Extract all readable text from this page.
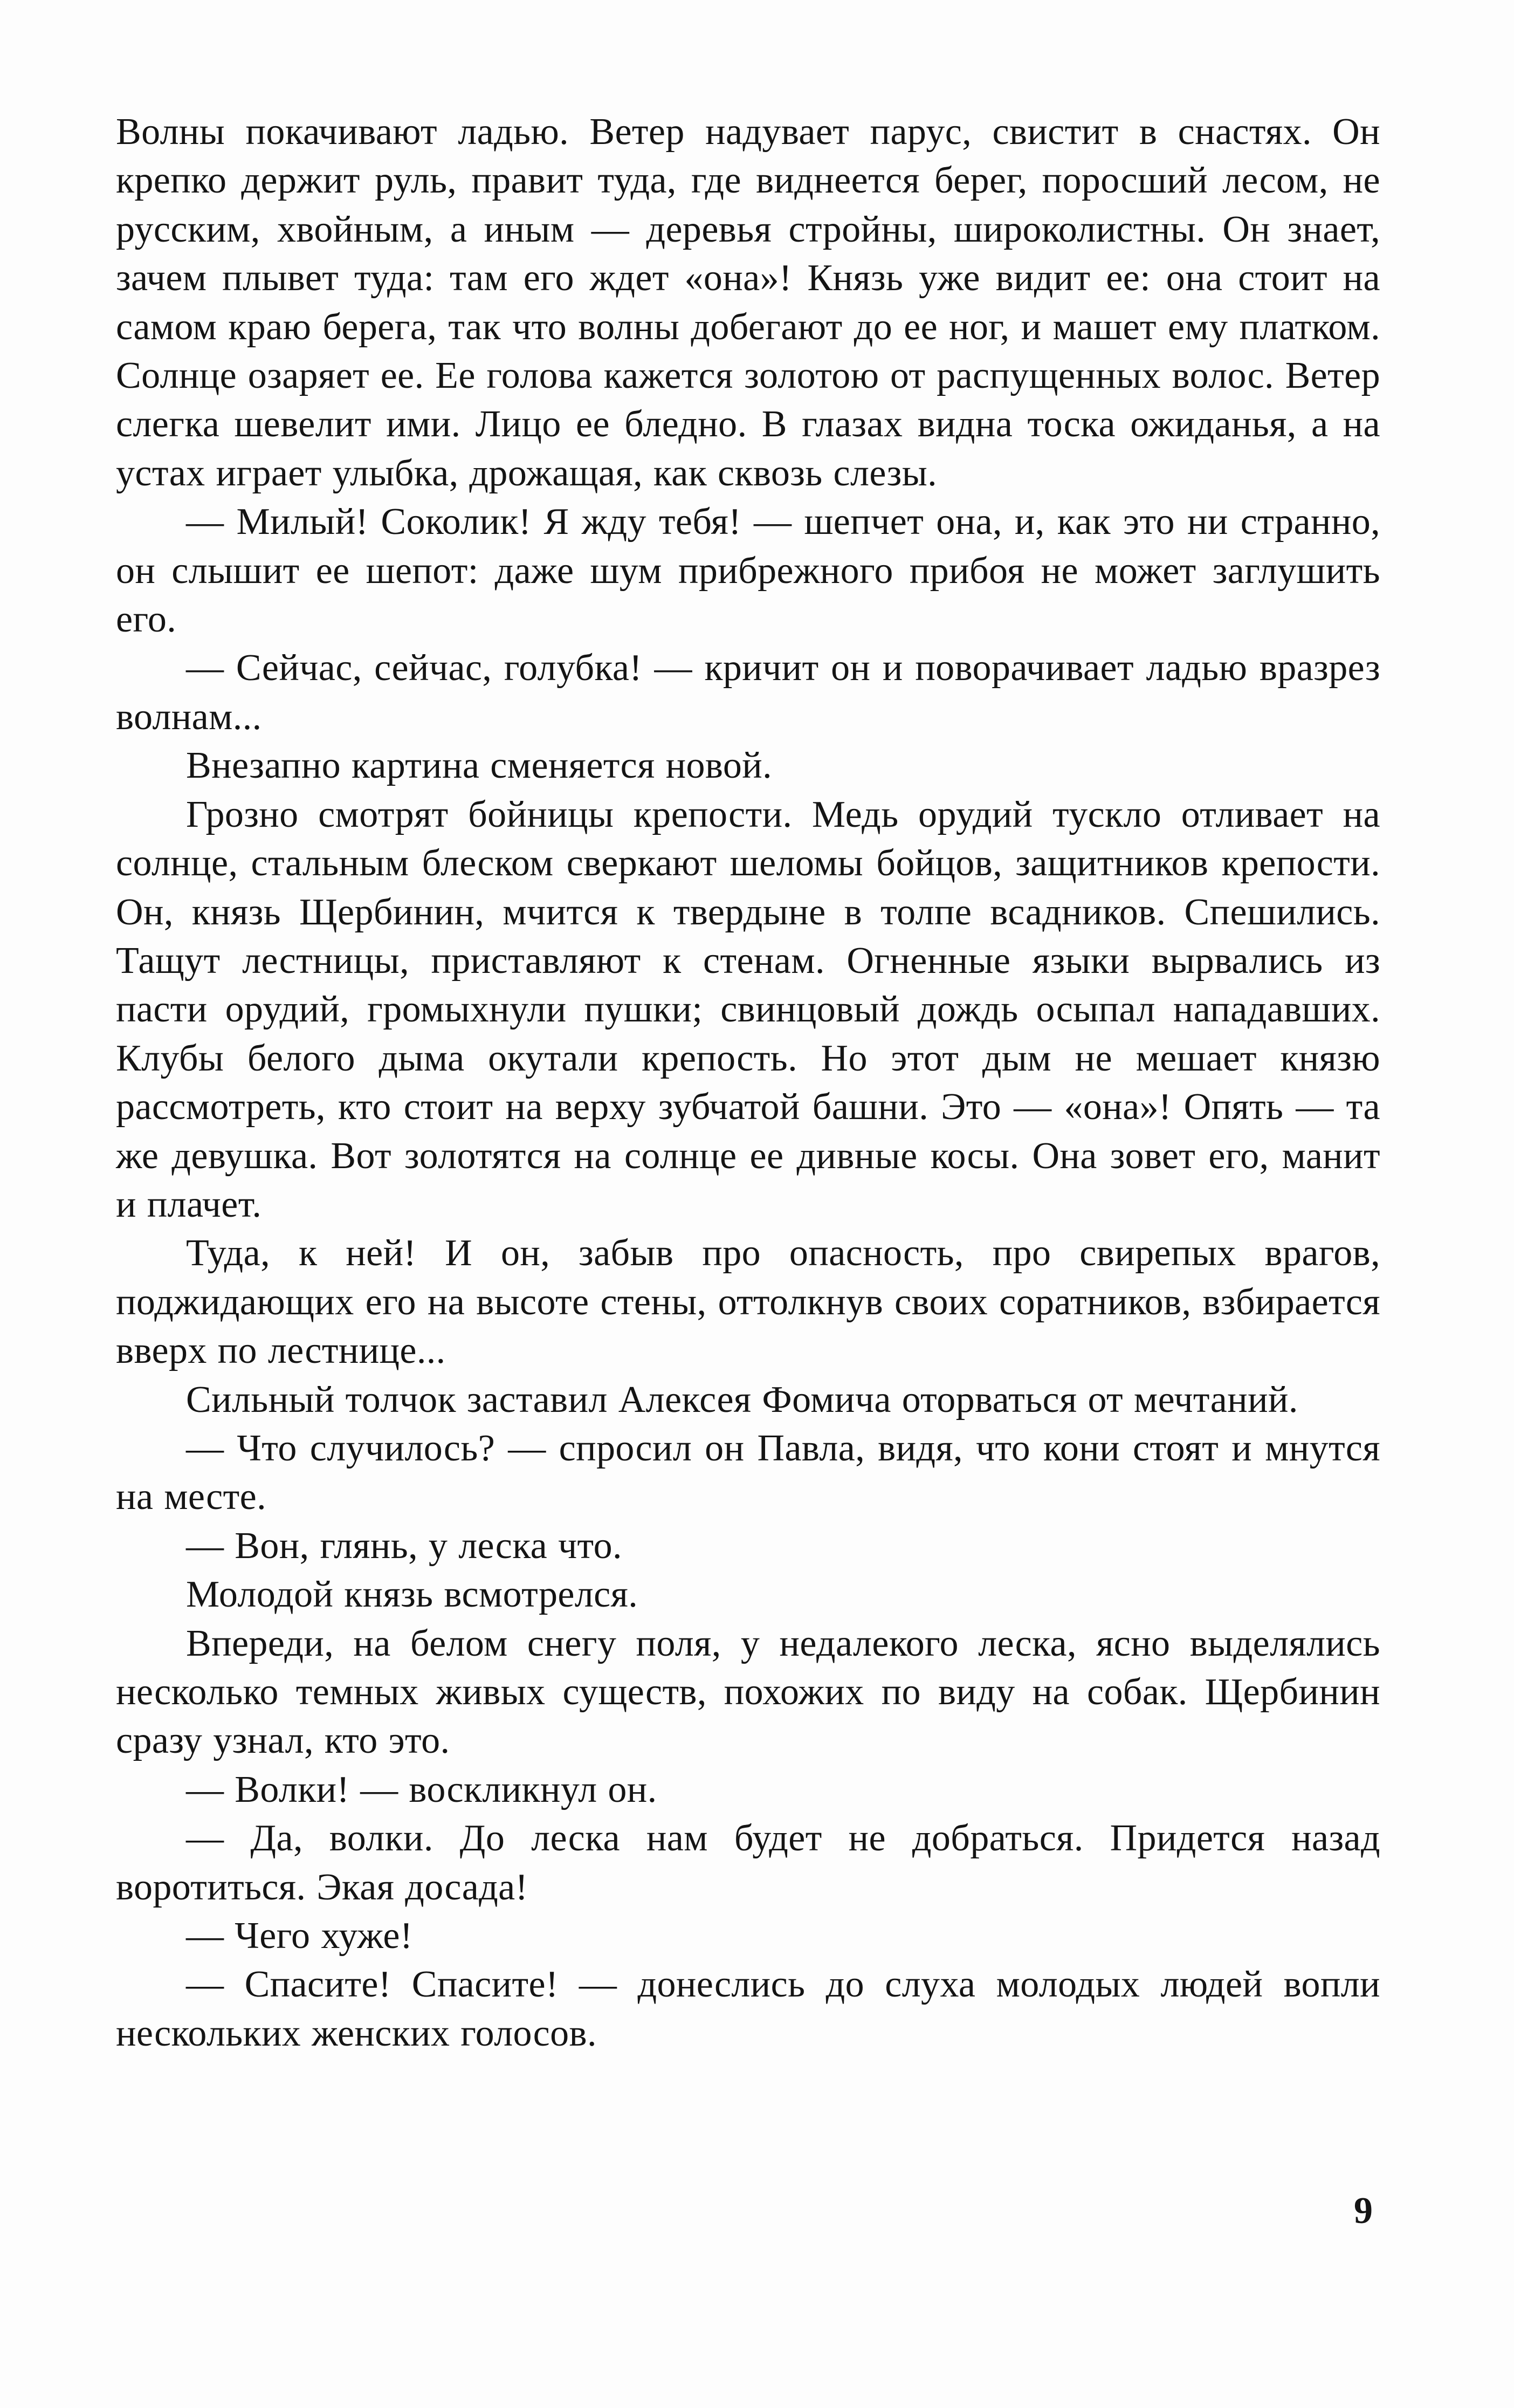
Волны покачивают ладью. Ветер надувает парус, свистит в снастях. Он крепко держит руль, правит туда, где виднеется берег, поросший лесом, не русским, хвойным, а иным — деревья стройны, широколистны. Он знает, зачем плывет туда: там его ждет «она»! Князь уже видит ее: она стоит на самом краю берега, так что волны добегают до ее ног, и машет ему платком. Солнце озаряет ее. Ее голова кажется золотою от распущенных волос. Ветер слегка шевелит ими. Лицо ее бледно. В глазах видна тоска ожиданья, а на устах играет улыбка, дрожащая, как сквозь слезы.

— Милый! Соколик! Я жду тебя! — шепчет она, и, как это ни странно, он слышит ее шепот: даже шум прибрежного прибоя не может заглушить его.

— Сейчас, сейчас, голубка! — кричит он и поворачивает ладью вразрез волнам...

Внезапно картина сменяется новой.

Грозно смотрят бойницы крепости. Медь орудий тускло отливает на солнце, стальным блеском сверкают шеломы бойцов, защитников крепости. Он, князь Щербинин, мчится к твердыне в толпе всадников. Спешились. Тащут лестницы, приставляют к стенам. Огненные языки вырвались из пасти орудий, громыхнули пушки; свинцовый дождь осыпал нападавших. Клубы белого дыма окутали крепость. Но этот дым не мешает князю рассмотреть, кто стоит на верху зубчатой башни. Это — «она»! Опять — та же девушка. Вот золотятся на солнце ее дивные косы. Она зовет его, манит и плачет.

Туда, к ней! И он, забыв про опасность, про свирепых врагов, поджидающих его на высоте стены, оттолкнув своих соратников, взбирается вверх по лестнице...

Сильный толчок заставил Алексея Фомича оторваться от мечтаний.

— Что случилось? — спросил он Павла, видя, что кони стоят и мнутся на месте.

— Вон, глянь, у леска что.

Молодой князь всмотрелся.

Впереди, на белом снегу поля, у недалекого леска, ясно выделялись несколько темных живых существ, похожих по виду на собак. Щербинин сразу узнал, кто это.

— Волки! — воскликнул он.

— Да, волки. До леска нам будет не добраться. Придется назад воротиться. Экая досада!

— Чего хуже!

— Спасите! Спасите! — донеслись до слуха молодых людей вопли нескольких женских голосов.

9
